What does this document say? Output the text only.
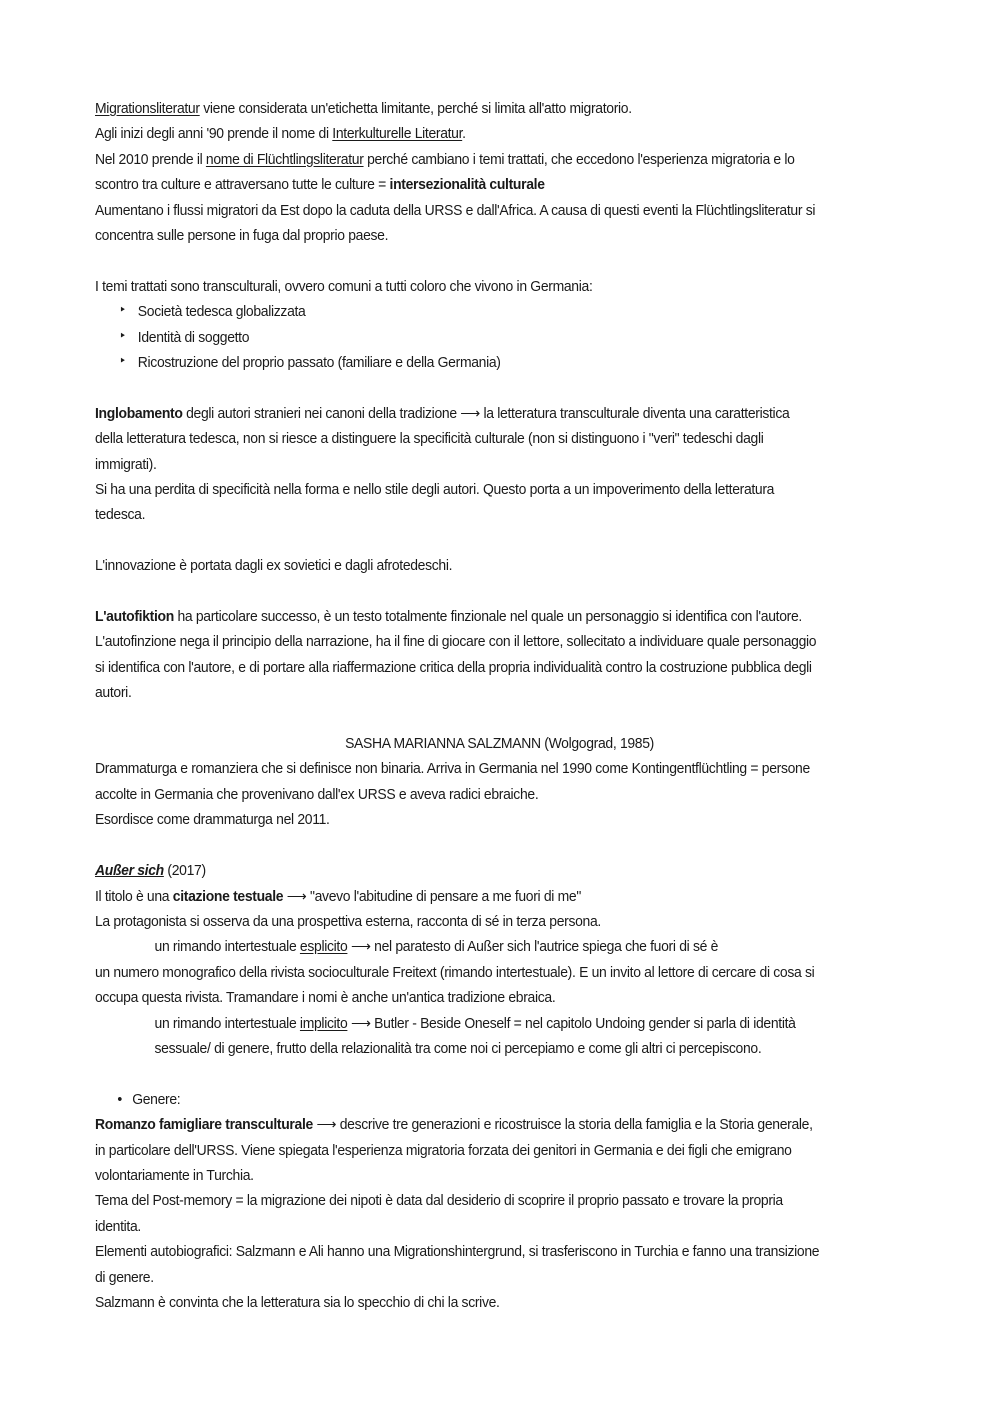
Migrationsliteratur viene considerata un'etichetta limitante, perché si limita all'atto migratorio.

Agli inizi degli anni '90 prende il nome di Interkulturelle Literatur.

Nel 2010 prende il nome di Flüchtlingsliteratur perché cambiano i temi trattati, che eccedono l'esperienza migratoria e lo

scontro tra culture e attraversano tutte le culture = intersezionalità culturale

Aumentano i flussi migratori da Est dopo la caduta della URSS e dall'Africa. A causa di questi eventi la Flüchtlingsliteratur si

concentra sulle persone in fuga dal proprio paese.

I temi trattati sono transculturali, ovvero comuni a tutti coloro che vivono in Germania:

‣ Società tedesca globalizzata
‣ Identità di soggetto
‣ Ricostruzione del proprio passato (familiare e della Germania)

Inglobamento degli autori stranieri nei canoni della tradizione ⟶ la letteratura transculturale diventa una caratteristica

della letteratura tedesca, non si riesce a distinguere la specificità culturale (non si distinguono i "veri" tedeschi dagli

immigrati).

Si ha una perdita di specificità nella forma e nello stile degli autori. Questo porta a un impoverimento della letteratura

tedesca.

L'innovazione è portata dagli ex sovietici e dagli afrotedeschi.

L'autofiktion ha particolare successo, è un testo totalmente finzionale nel quale un personaggio si identifica con l'autore.

L'autofinzione nega il principio della narrazione, ha il fine di giocare con il lettore, sollecitato a individuare quale personaggio

si identifica con l'autore, e di portare alla riaffermazione critica della propria individualità contro la costruzione pubblica degli

autori.

SASHA MARIANNA SALZMANN (Wolgograd, 1985)

Drammaturga e romanziera che si definisce non binaria. Arriva in Germania nel 1990 come Kontingentflüchtling = persone

accolte in Germania che provenivano dall'ex URSS e aveva radici ebraiche.

Esordisce come drammaturga nel 2011.

Außer sich (2017)

Il titolo è una citazione testuale ⟶ "avevo l'abitudine di pensare a me fuori di me"

La protagonista si osserva da una prospettiva esterna, racconta di sé in terza persona.

un rimando intertestuale esplicito ⟶ nel paratesto di Außer sich l'autrice spiega che fuori di sé è

un numero monografico della rivista socioculturale Freitext (rimando intertestuale). E un invito al lettore di cercare di cosa si

occupa questa rivista. Tramandare i nomi è anche un'antica tradizione ebraica.

un rimando intertestuale implicito ⟶ Butler - Beside Oneself = nel capitolo Undoing gender si parla di identità

sessuale/ di genere, frutto della relazionalità tra come noi ci percepiamo e come gli altri ci percepiscono.

• Genere:

Romanzo famigliare transculturale ⟶ descrive tre generazioni e ricostruisce la storia della famiglia e la Storia generale,

in particolare dell'URSS. Viene spiegata l'esperienza migratoria forzata dei genitori in Germania e dei figli che emigrano

volontariamente in Turchia.

Tema del Post-memory = la migrazione dei nipoti è data dal desiderio di scoprire il proprio passato e trovare la propria

identita.

Elementi autobiografici: Salzmann e Ali hanno una Migrationshintergrund, si trasferiscono in Turchia e fanno una transizione

di genere.

Salzmann è convinta che la letteratura sia lo specchio di chi la scrive.
